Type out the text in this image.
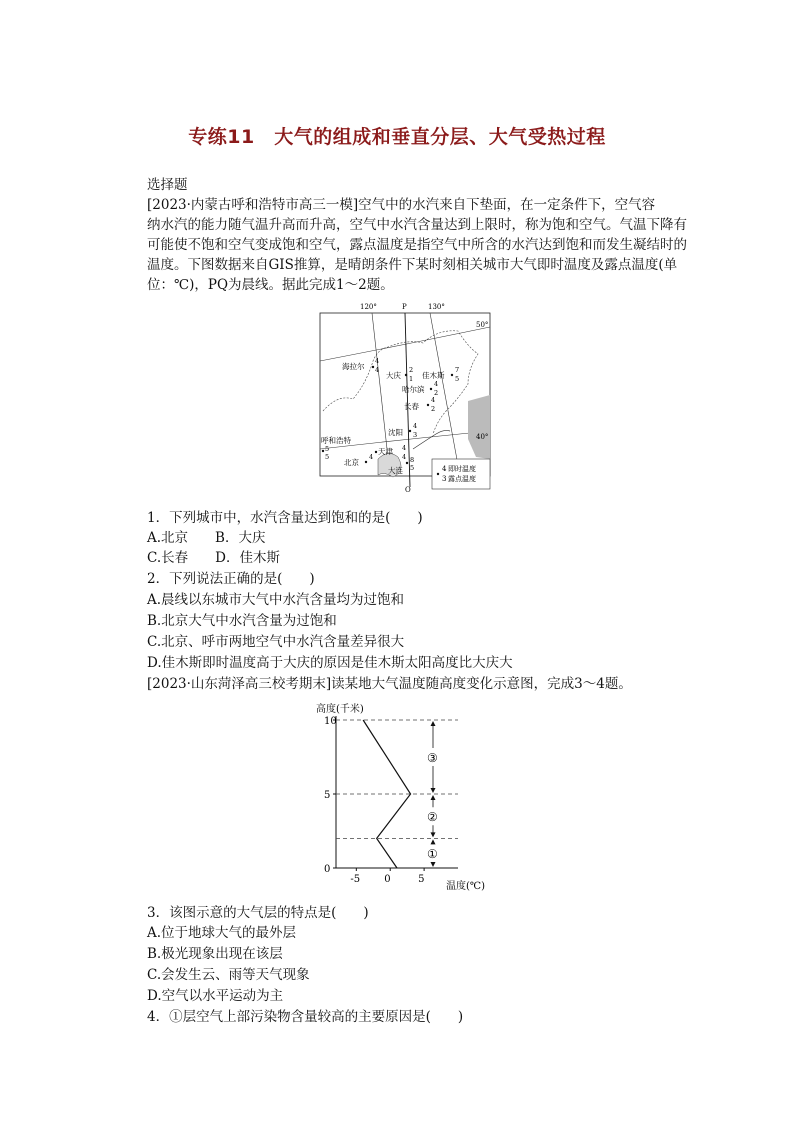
专练11　大气的组成和垂直分层、大气受热过程
选择题
[2023·内蒙古呼和浩特市高三一模]空气中的水汽来自下垫面，在一定条件下，空气容
纳水汽的能力随气温升高而升高，空气中水汽含量达到上限时，称为饱和空气。气温下降有
可能使不饱和空气变成饱和空气，露点温度是指空气中所含的水汽达到饱和而发生凝结时的
温度。下图数据来自GIS推算，是晴朗条件下某时刻相关城市大气即时温度及露点温度(单
位：℃)，PQ为晨线。据此完成1～2题。
4
3
即时温度
露点温度
120°	P	130°
50°
40°
Q
海拉尔
4
4
大庆
2
1 佳木斯
7
5
哈尔滨
4
2
长春
4
2
沈阳
4
3
呼和浩特
5
5
北京
4
天津 4
4
大连
8
5
1．下列城市中，水汽含量达到饱和的是(　　)
A.北京　　B．大庆
C.长春　　D．佳木斯
2．下列说法正确的是(　　)
A.晨线以东城市大气中水汽含量均为过饱和
B.北京大气中水汽含量为过饱和
C.北京、呼市两地空气中水汽含量差异很大
D.佳木斯即时温度高于大庆的原因是佳木斯太阳高度比大庆大
[2023·山东菏泽高三校考期末]读某地大气温度随高度变化示意图，完成3～4题。
高度(千米)
温度(℃)
0
5
10
-5 0	5
①
②
③
3．该图示意的大气层的特点是(　　)
A.位于地球大气的最外层
B.极光现象出现在该层
C.会发生云、雨等天气现象
D.空气以水平运动为主
4．①层空气上部污染物含量较高的主要原因是(　　)
